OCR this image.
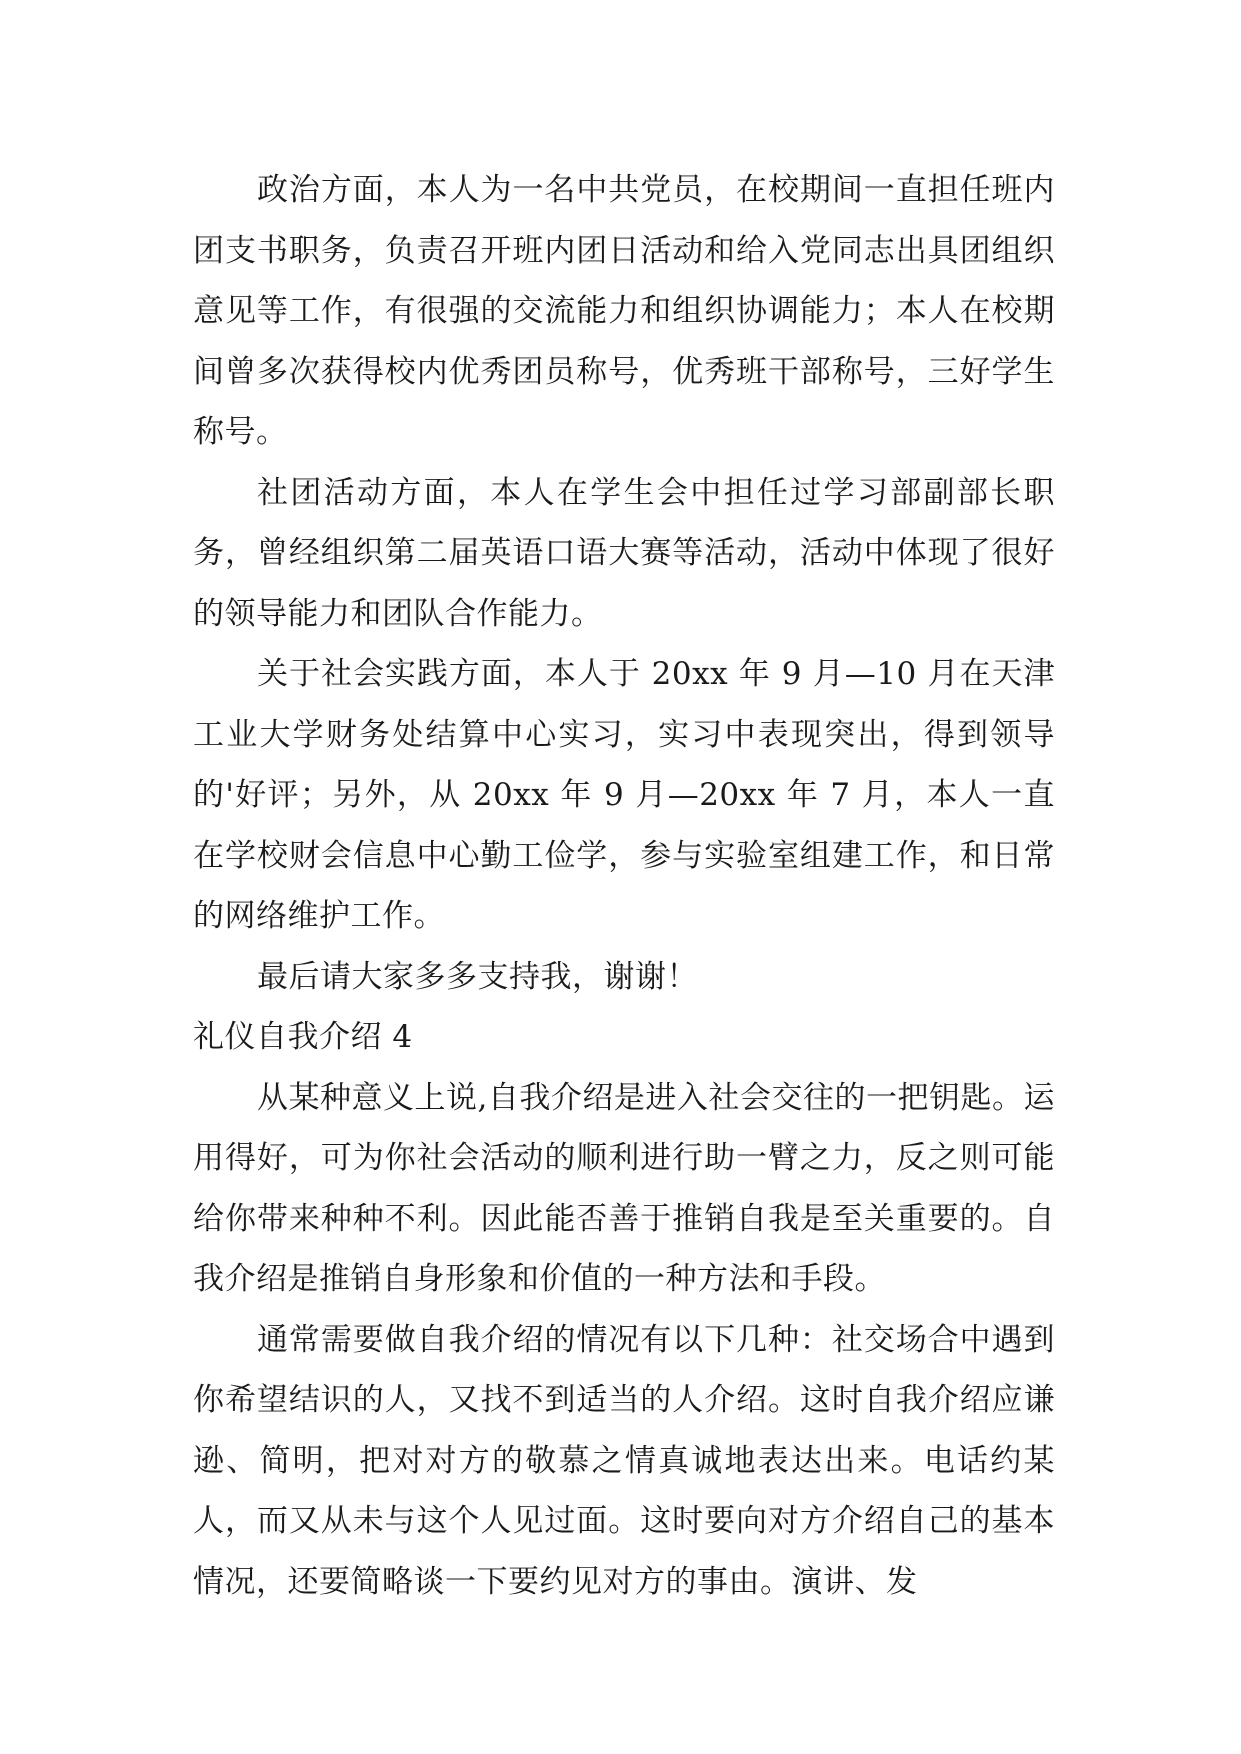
政治方面，本人为一名中共党员，在校期间一直担任班内团支书职务，负责召开班内团日活动和给入党同志出具团组织意见等工作，有很强的交流能力和组织协调能力；本人在校期间曾多次获得校内优秀团员称号，优秀班干部称号，三好学生称号。

社团活动方面，本人在学生会中担任过学习部副部长职务，曾经组织第二届英语口语大赛等活动，活动中体现了很好的领导能力和团队合作能力。

关于社会实践方面，本人于 20xx 年 9 月—10 月在天津工业大学财务处结算中心实习，实习中表现突出，得到领导的'好评；另外，从 20xx 年 9 月—20xx 年 7 月，本人一直在学校财会信息中心勤工俭学，参与实验室组建工作，和日常的网络维护工作。

最后请大家多多支持我，谢谢！

礼仪自我介绍 4

从某种意义上说,自我介绍是进入社会交往的一把钥匙。运用得好，可为你社会活动的顺利进行助一臂之力，反之则可能给你带来种种不利。因此能否善于推销自我是至关重要的。自我介绍是推销自身形象和价值的一种方法和手段。

通常需要做自我介绍的情况有以下几种：社交场合中遇到你希望结识的人，又找不到适当的人介绍。这时自我介绍应谦逊、简明，把对对方的敬慕之情真诚地表达出来。电话约某人，而又从未与这个人见过面。这时要向对方介绍自己的基本情况，还要简略谈一下要约见对方的事由。演讲、发
